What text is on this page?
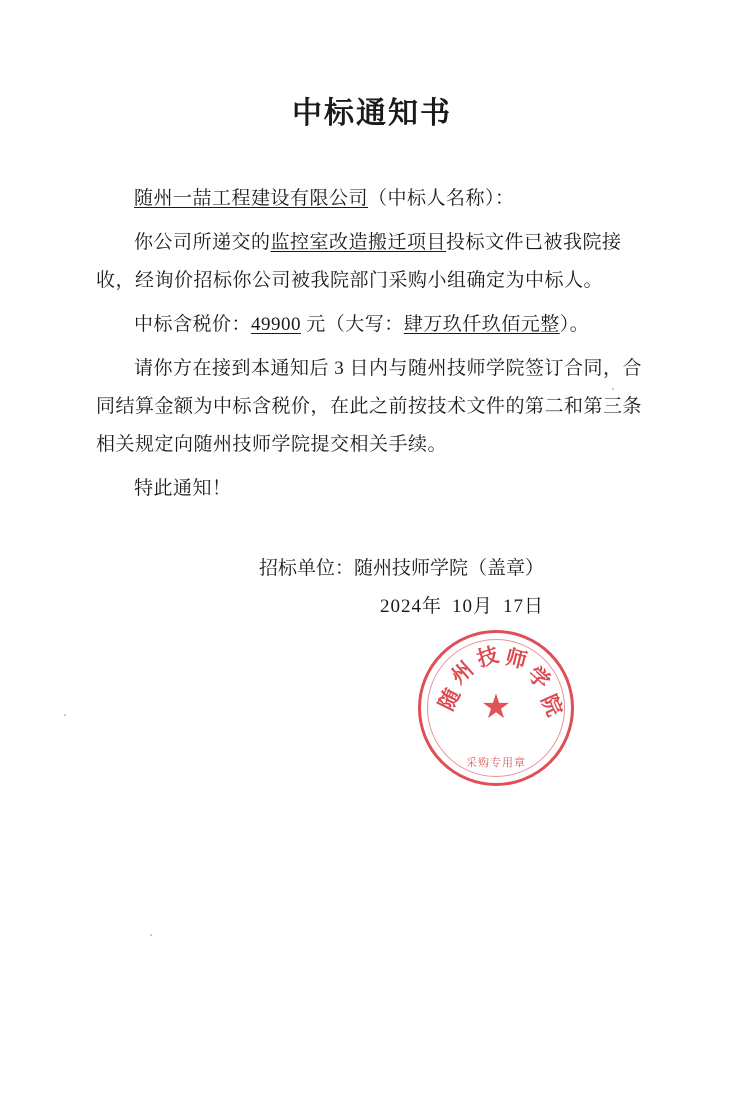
中标通知书

随州一喆工程建设有限公司（中标人名称）：

你公司所递交的监控室改造搬迁项目投标文件已被我院接收，经询价招标你公司被我院部门采购小组确定为中标人。

中标含税价：49900 元（大写：肆万玖仟玖佰元整）。

请你方在接到本通知后 3 日内与随州技师学院签订合同，合同结算金额为中标含税价，在此之前按技术文件的第二和第三条相关规定向随州技师学院提交相关手续。

特此通知！

招标单位：随州技师学院（盖章）
2024年 10月 17日
随
州
技 师
学
院
★
采购专用章
